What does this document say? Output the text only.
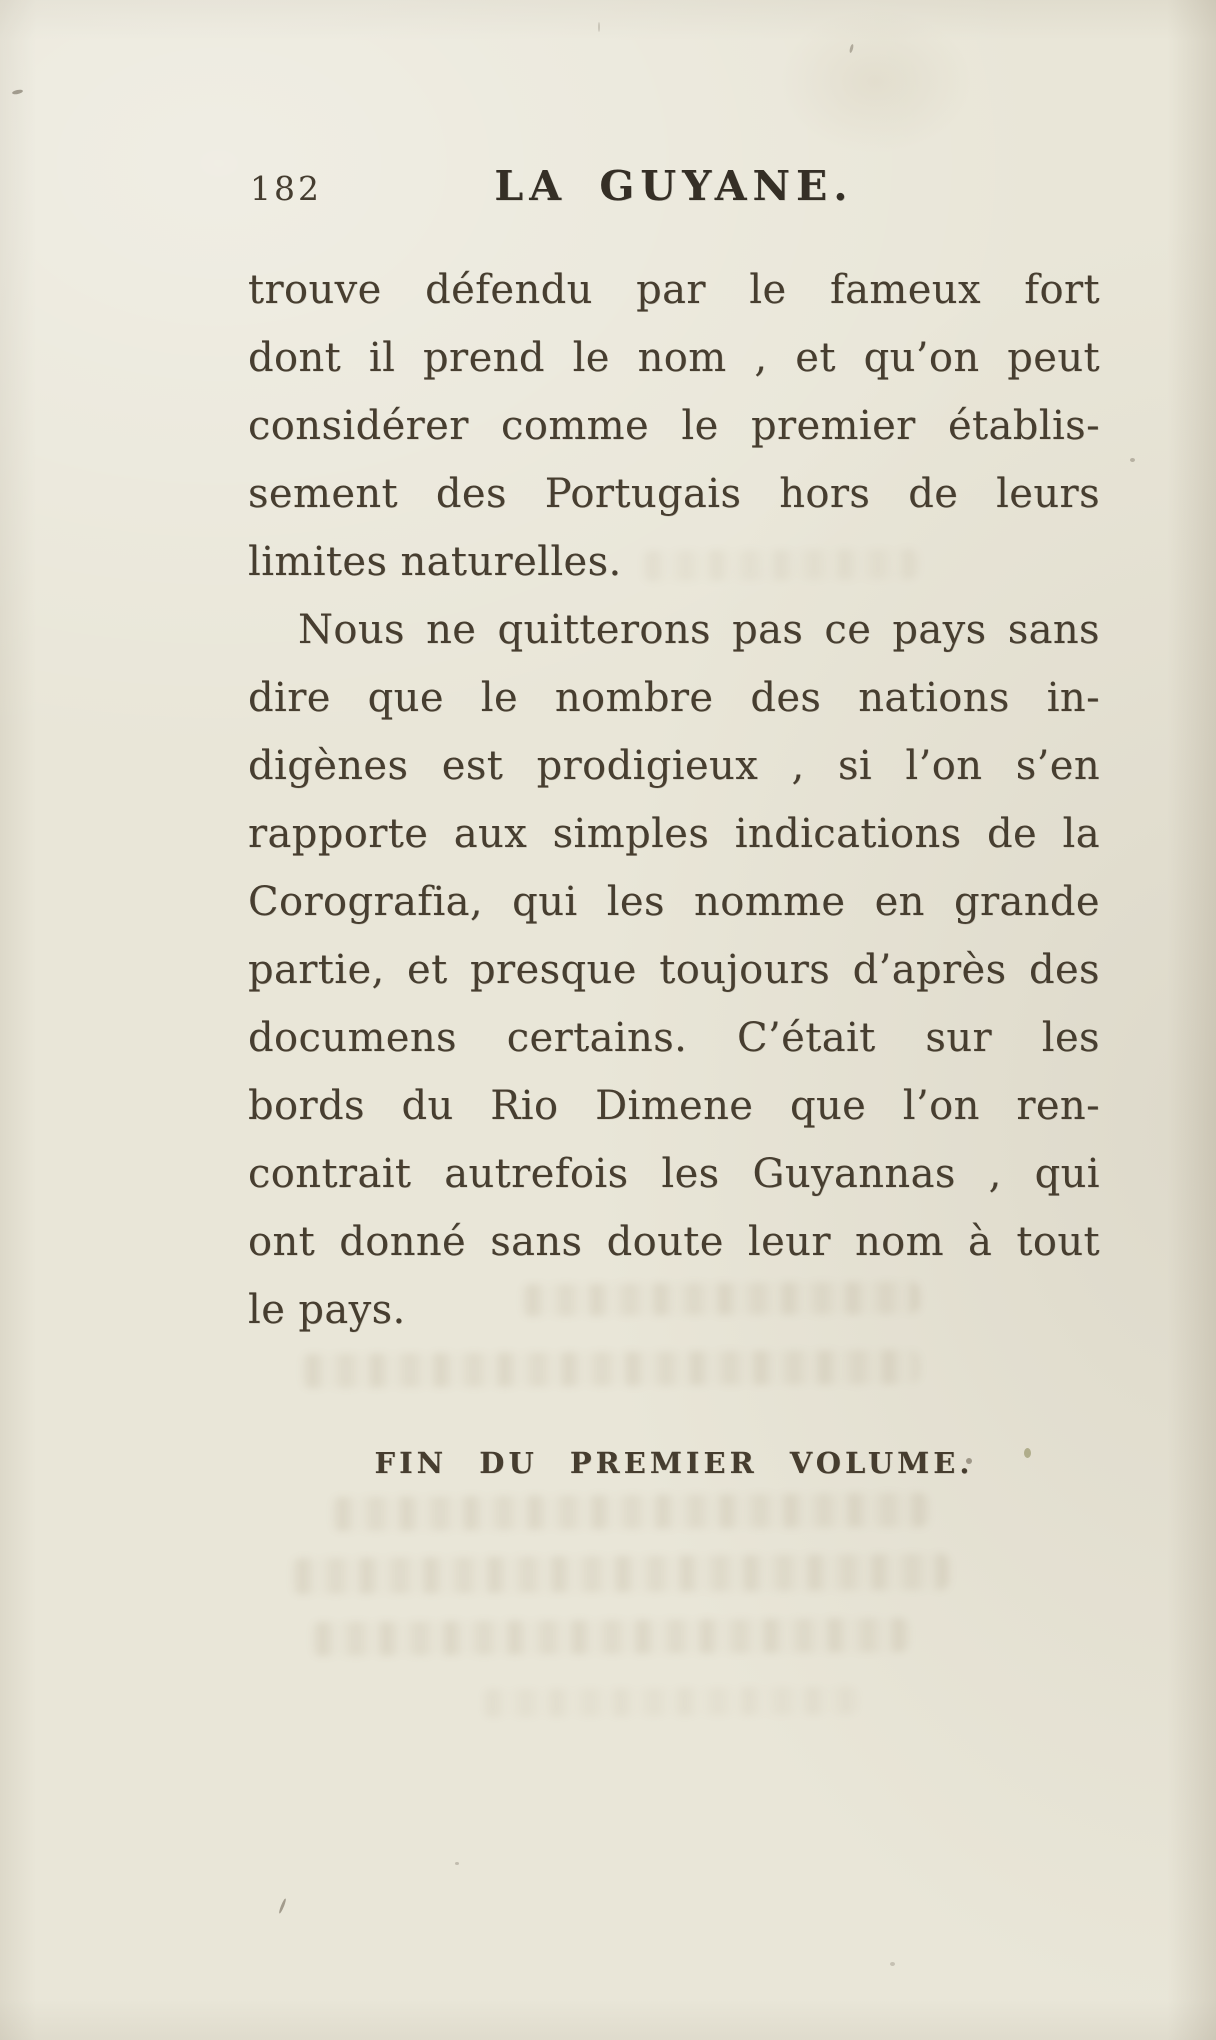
182	LA GUYANE.
trouve défendu par le fameux fort
dont il prend le nom , et qu’on peut
considérer comme le premier établis-
sement des Portugais hors de leurs
limites naturelles.
Nous ne quitterons pas ce pays sans
dire que le nombre des nations in-
digènes est prodigieux , si l’on s’en
rapporte aux simples indications de la
Corografia, qui les nomme en grande
partie, et presque toujours d’après des
documens certains. C’était sur les
bords du Rio Dimene que l’on ren-
contrait autrefois les Guyannas , qui
ont donné sans doute leur nom à tout
le pays.
FIN DU PREMIER VOLUME.
